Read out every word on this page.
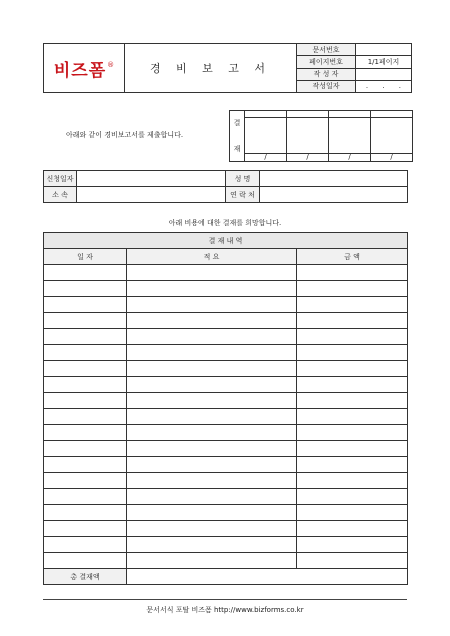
비즈폼 ®	경 비 보 고 서	문서번호	
		페이지번호	1/1페이지
		작 성 자	
		작성일자	. . .
아래와 같이 경비보고서를 제출합니다.
결
재				

	/	/	/	/
신청일자		성 명	
소 속		연 락 처	
아래 비용에 대한 결재를 희망합니다.
결 재 내 역		
일 자	적 요	금 액

총 결재액		
문서서식 포탈 비즈폼 http://www.bizforms.co.kr
